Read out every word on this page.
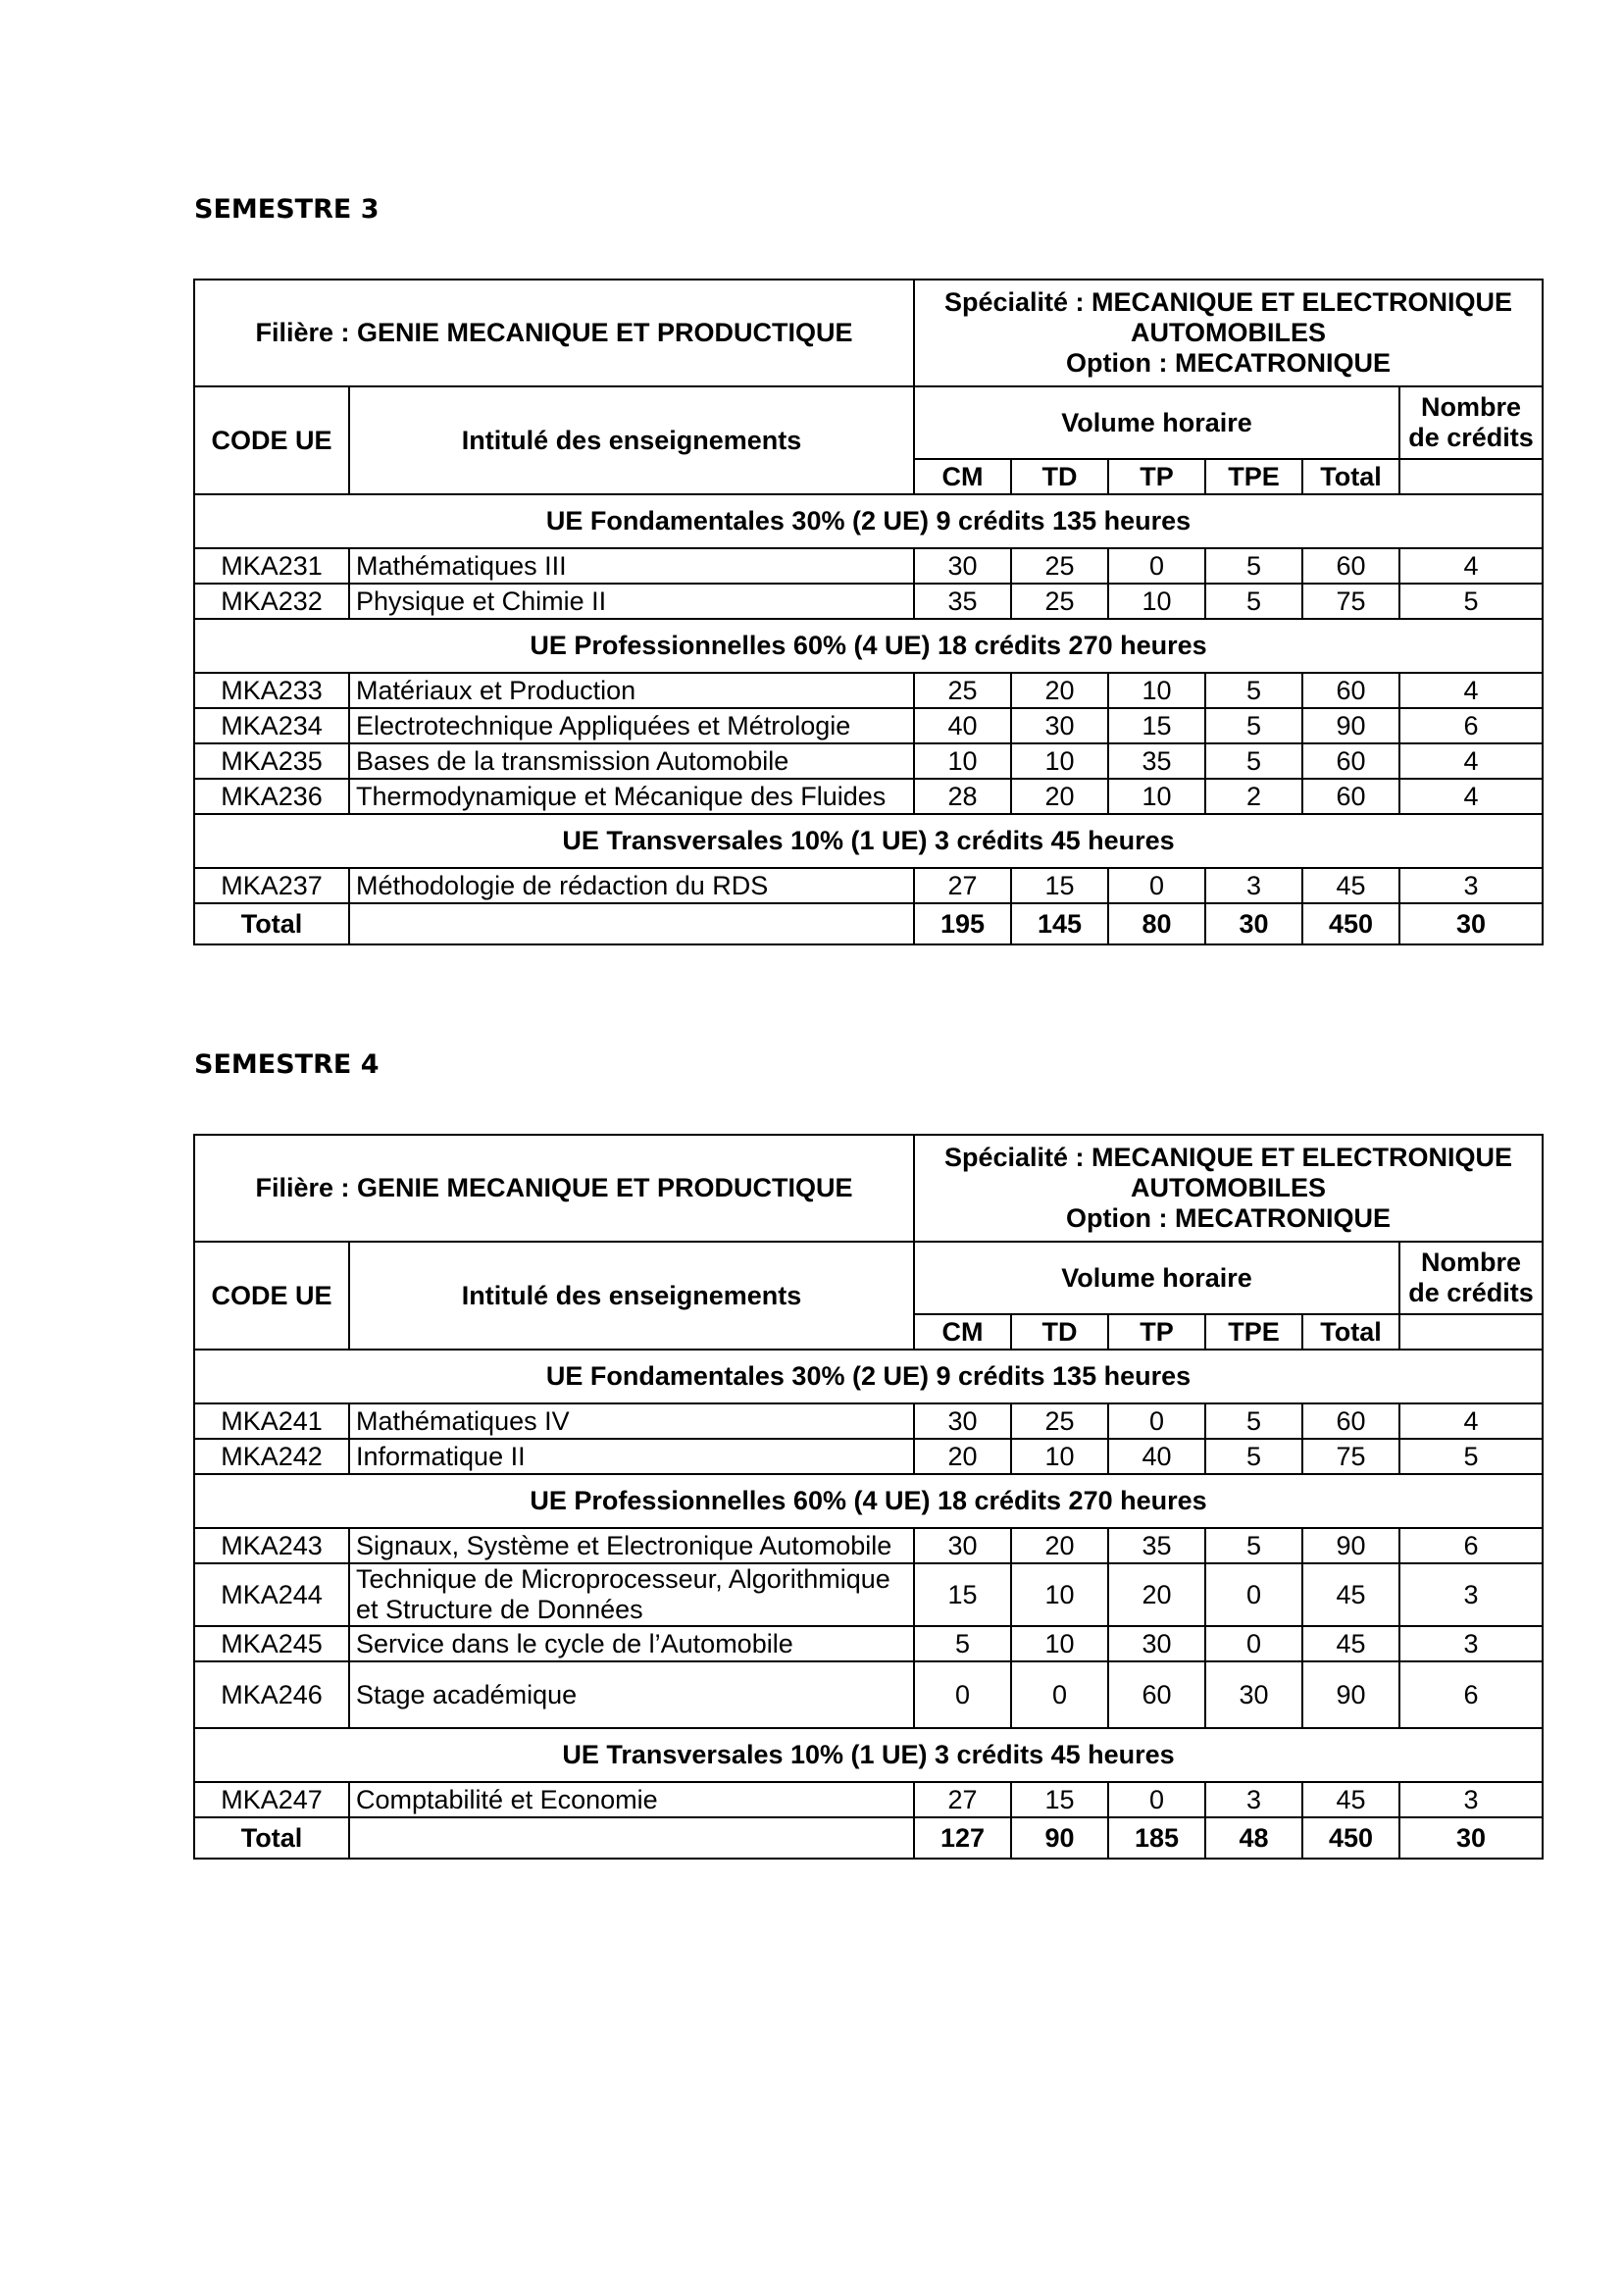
SEMESTRE 3
Filière : GENIE MECANIQUE ET PRODUCTIQUE		Spécialité : MECANIQUE ET ELECTRONIQUE AUTOMOBILES
Option : MECATRONIQUE					

CODE UE	Intitulé des enseignements	Volume horaire					Nombre de crédits
		CM	TD	TP	TPE	Total	
UE Fondamentales 30% (2 UE) 9 crédits 135 heures							
MKA231	Mathématiques III	30	25	0	5	60	4
MKA232	Physique et Chimie II	35	25	10	5	75	5
UE Professionnelles 60% (4 UE) 18 crédits 270 heures							
MKA233	Matériaux et Production	25	20	10	5	60	4
MKA234	Electrotechnique Appliquées et Métrologie	40	30	15	5	90	6
MKA235	Bases de la transmission Automobile	10	10	35	5	60	4
MKA236	Thermodynamique et Mécanique des Fluides	28	20	10	2	60	4
UE Transversales 10% (1 UE) 3 crédits 45 heures							
MKA237	Méthodologie de rédaction du RDS	27	15	0	3	45	3
Total		195	145	80	30	450	30
SEMESTRE 4
Filière : GENIE MECANIQUE ET PRODUCTIQUE		Spécialité : MECANIQUE ET ELECTRONIQUE AUTOMOBILES
Option : MECATRONIQUE					

CODE UE	Intitulé des enseignements	Volume horaire					Nombre de crédits
		CM	TD	TP	TPE	Total	
UE Fondamentales 30% (2 UE) 9 crédits 135 heures							
MKA241	Mathématiques IV	30	25	0	5	60	4
MKA242	Informatique II	20	10	40	5	75	5
UE Professionnelles 60% (4 UE) 18 crédits 270 heures							
MKA243	Signaux, Système et Electronique Automobile	30	20	35	5	90	6
MKA244	Technique de Microprocesseur, Algorithmique et Structure de Données	15	10	20	0	45	3
MKA245	Service dans le cycle de l’Automobile	5	10	30	0	45	3
MKA246	Stage académique	0	0	60	30	90	6
UE Transversales 10% (1 UE) 3 crédits 45 heures							
MKA247	Comptabilité et Economie	27	15	0	3	45	3
Total		127	90	185	48	450	30
